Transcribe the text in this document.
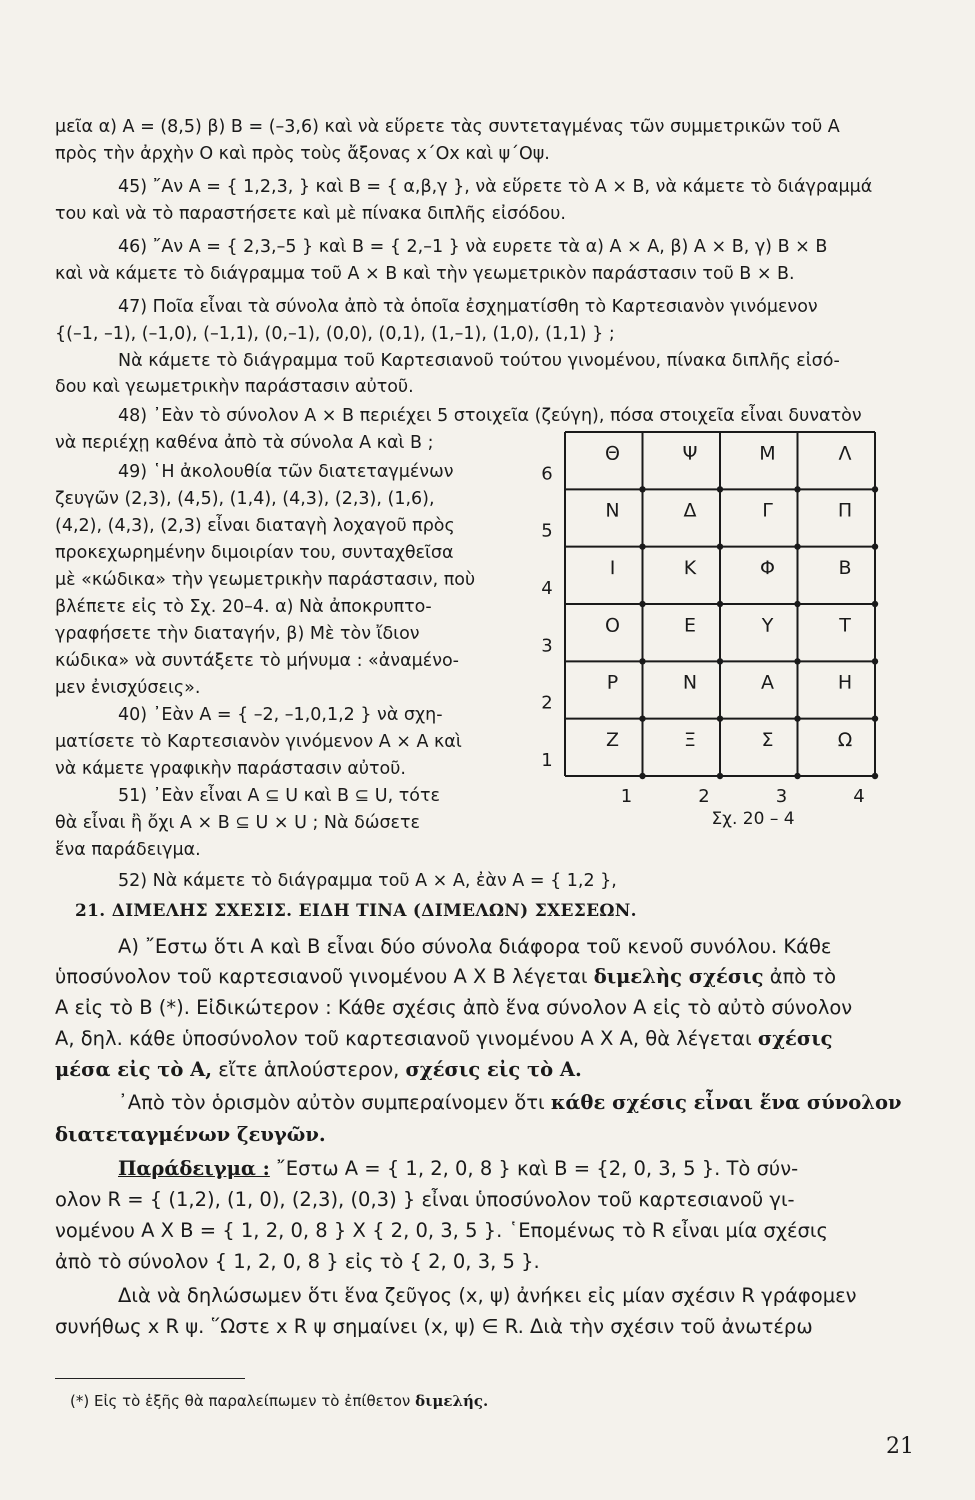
μεῖα α) Α = (8,5) β) Β = (–3,6) καὶ νὰ εὕρετε τὰς συντεταγμένας τῶν συμμετρικῶν τοῦ Α
πρὸς τὴν ἀρχὴν Ο καὶ πρὸς τοὺς ἄξονας x΄Ox καὶ ψ΄Oψ.
45) ῎Αν Α = { 1,2,3, } καὶ Β = { α,β,γ }, νὰ εὕρετε τὸ Α × Β, νὰ κάμετε τὸ διάγραμμά
του καὶ νὰ τὸ παραστήσετε καὶ μὲ πίνακα διπλῆς εἰσόδου.
46) ῎Αν Α = { 2,3,–5 } καὶ Β = { 2,–1 } νὰ ευρετε τὰ α) Α × Α, β) Α × Β, γ) Β × Β
καὶ νὰ κάμετε τὸ διάγραμμα τοῦ Α × Β καὶ τὴν γεωμετρικὸν παράστασιν τοῦ Β × Β.
47) Ποῖα εἶναι τὰ σύνολα ἀπὸ τὰ ὁποῖα ἐσχηματίσθη τὸ Καρτεσιανὸν γινόμενον
{(–1, –1), (–1,0), (–1,1), (0,–1), (0,0), (0,1), (1,–1), (1,0), (1,1) } ;
Νὰ κάμετε τὸ διάγραμμα τοῦ Καρτεσιανοῦ τούτου γινομένου, πίνακα διπλῆς εἰσό-
δου καὶ γεωμετρικὴν παράστασιν αὐτοῦ.
48) ᾽Εὰν τὸ σύνολον Α × Β περιέχει 5 στοιχεῖα (ζεύγη), πόσα στοιχεῖα εἶναι δυνατὸν
νὰ περιέχῃ καθένα ἀπὸ τὰ σύνολα Α καὶ Β ;
49) ῾Η ἀκολουθία τῶν διατεταγμένων
ζευγῶν (2,3), (4,5), (1,4), (4,3), (2,3), (1,6),
(4,2), (4,3), (2,3) εἶναι διαταγὴ λοχαγοῦ πρὸς
προκεχωρημένην διμοιρίαν του, συνταχθεῖσα
μὲ «κώδικα» τὴν γεωμετρικὴν παράστασιν, ποὺ
βλέπετε εἰς τὸ Σχ. 20–4. α) Νὰ ἀποκρυπτο-
γραφήσετε τὴν διαταγήν, β) Μὲ τὸν ἴδιον
κώδικα» νὰ συντάξετε τὸ μήνυμα : «ἀναμένο-
μεν ἐνισχύσεις».
40) ᾽Εὰν Α = { –2, –1,0,1,2 } νὰ σχη-
ματίσετε τὸ Καρτεσιανὸν γινόμενον Α × Α καὶ
νὰ κάμετε γραφικὴν παράστασιν αὐτοῦ.
51) ᾽Εὰν εἶναι Α ⊆ U καὶ Β ⊆ U, τότε
θὰ εἶναι ἢ ὄχι Α × Β ⊆ U × U ; Νὰ δώσετε
ἕνα παράδειγμα.
52) Νὰ κάμετε τὸ διάγραμμα τοῦ Α × Α, ἐὰν Α = { 1,2 },
6
5
4
3
2
1
1	2	3	4
Θ	Ψ	Μ	Λ
Ν	Δ	Γ	Π
Ι	Κ	Φ	Β
Ο	Ε	Υ	Τ
Ρ	Ν	Α	Η
Ζ	Ξ	Σ	Ω
Σχ. 20 – 4
21. ΔΙΜΕΛΗΣ ΣΧΕΣΙΣ. ΕΙΔΗ ΤΙΝΑ (ΔΙΜΕΛΩΝ) ΣΧΕΣΕΩΝ.
Α) ῎Εστω ὅτι Α καὶ Β εἶναι δύο σύνολα διάφορα τοῦ κενοῦ συνόλου. Κάθε
ὑποσύνολον τοῦ καρτεσιανοῦ γινομένου Α Χ Β λέγεται διμελὴς σχέσις ἀπὸ τὸ
Α εἰς τὸ Β (*). Εἰδικώτερον : Κάθε σχέσις ἀπὸ ἕνα σύνολον Α εἰς τὸ αὐτὸ σύνολον
Α, δηλ. κάθε ὑποσύνολον τοῦ καρτεσιανοῦ γινομένου Α Χ Α, θὰ λέγεται σχέσις
μέσα εἰς τὸ Α, εἴτε ἁπλούστερον, σχέσις εἰς τὸ Α.
᾽Απὸ τὸν ὁρισμὸν αὐτὸν συμπεραίνομεν ὅτι κάθε σχέσις εἶναι ἕνα σύνολον
διατεταγμένων ζευγῶν.
Παράδειγμα : ῎Εστω Α = { 1, 2, 0, 8 } καὶ Β = {2, 0, 3, 5 }. Τὸ σύν-
ολον R = { (1,2), (1, 0), (2,3), (0,3) } εἶναι ὑποσύνολον τοῦ καρτεσιανοῦ γι-
νομένου Α Χ Β = { 1, 2, 0, 8 } Χ { 2, 0, 3, 5 }. ῾Επομένως τὸ R εἶναι μία σχέσις
ἀπὸ τὸ σύνολον { 1, 2, 0, 8 } εἰς τὸ { 2, 0, 3, 5 }.
Διὰ νὰ δηλώσωμεν ὅτι ἕνα ζεῦγος (x, ψ) ἀνήκει εἰς μίαν σχέσιν R γράφομεν
συνήθως x R ψ. ῞Ωστε x R ψ σημαίνει (x, ψ) ∈ R. Διὰ τὴν σχέσιν τοῦ ἀνωτέρω
(*) Εἰς τὸ ἑξῆς θὰ παραλείπωμεν τὸ ἐπίθετον διμελής.
21
